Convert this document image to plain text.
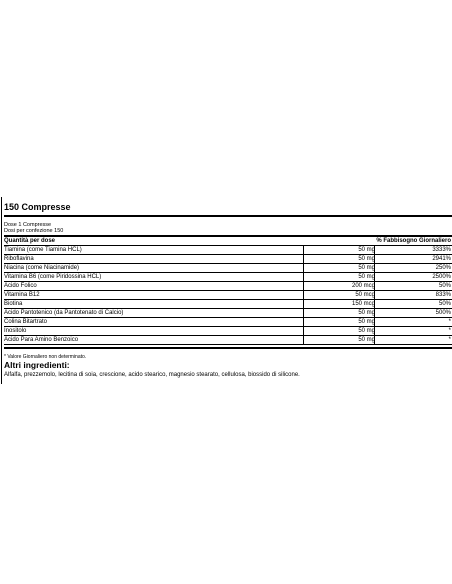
150 Compresse
Dose 1 Compresse
Dosi per confezione 150
Quantità per dose	% Fabbisogno Giornaliero
Tiamina (come Tiamina HCL)	50 mg	3333%
Riboflavina	50 mg	2941%
Niacina (come Niacinamide)	50 mg	250%
Vitamina B6 (come Piridossina HCL)	50 mg	2500%
Acido Folico	200 mcg	50%
Vitamina B12	50 mcg	833%
Biotina	150 mcg	50%
Acido Pantotenico (da Pantotenato di Calcio)	50 mg	500%
Colina Bitartrato	50 mg	*
Inositolo	50 mg	*
Acido Para Amino Benzoico	50 mg	*
* Valore Giornaliero non determinato.
Altri ingredienti:
Alfalfa, prezzemolo, lecitina di soia, crescione, acido stearico, magnesio stearato, cellulosa, biossido di silicone.
